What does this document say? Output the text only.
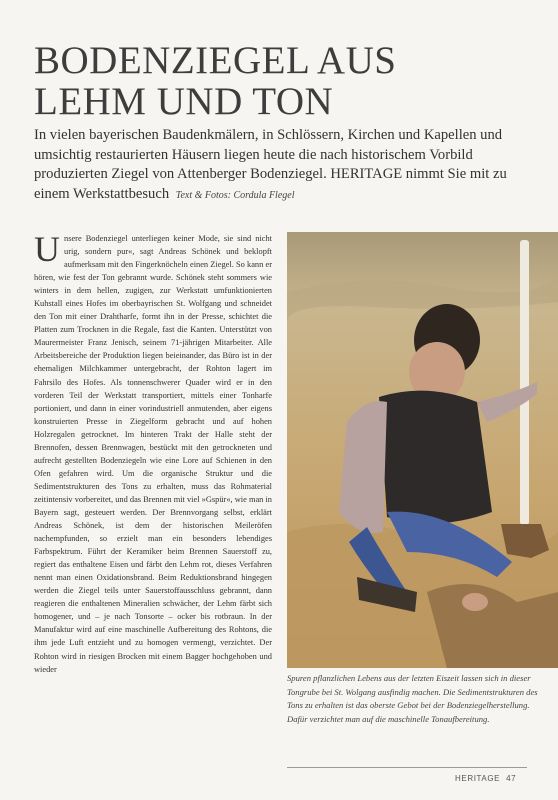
BODENZIEGEL AUS
LEHM UND TON
In vielen bayerischen Baudenkmälern, in Schlössern, Kirchen und Kapellen und umsichtig restaurierten Häusern liegen heute die nach historischem Vorbild produzierten Ziegel von Attenberger Bodenziegel. HERITAGE nimmt Sie mit zu einem Werkstattbesuch Text & Fotos: Cordula Flegel
Unsere Bodenziegel unterliegen keiner Mode, sie sind nicht urig, sondern pur«, sagt Andreas Schönek und beklopft aufmerksam mit den Fingerknöcheln einen Ziegel. So kann er hören, wie fest der Ton gebrannt wurde. Schönek steht sommers wie winters in dem hellen, zugigen, zur Werkstatt umfunktionierten Kuhstall eines Hofes im oberbayrischen St. Wolfgang und schneidet den Ton mit einer Drahtharfe, formt ihn in der Presse, schichtet die Platten zum Trocknen in die Regale, fast die Kanten. Unterstützt von Maurermeister Franz Jenisch, seinem 71-jährigen Mitarbeiter. Alle Arbeitsbereiche der Produktion liegen beieinander, das Büro ist in der ehemaligen Milchkammer untergebracht, der Rohton lagert im Fahrsilo des Hofes. Als tonnenschwerer Quader wird er in den vorderen Teil der Werkstatt transportiert, mittels einer Tonharfe portioniert, und dann in einer vorindustriell anmutenden, aber eigens konstruierten Presse in Ziegelform gebracht und auf hohen Holzregalen getrocknet. Im hinteren Trakt der Halle steht der Brennofen, dessen Brennwagen, bestückt mit den getrockneten und aufrecht gestellten Bodenziegeln wie eine Lore auf Schienen in den Ofen gefahren wird. Um die organische Struktur und die Sedimentstrukturen des Tons zu erhalten, muss das Rohmaterial zeitintensiv vorbereitet, und das Brennen mit viel »Gspür«, wie man in Bayern sagt, gesteuert werden. Der Brennvorgang selbst, erklärt Andreas Schönek, ist dem der historischen Meileröfen nachempfunden, so erzielt man ein besonders lebendiges Farbspektrum. Führt der Keramiker beim Brennen Sauerstoff zu, regiert das enthaltene Eisen und färbt den Lehm rot, dieses Verfahren nennt man einen Oxidationsbrand. Beim Reduktionsbrand hingegen werden die Ziegel teils unter Sauerstoffausschluss gebrannt, dann reagieren die enthaltenen Mineralien schwächer, der Lehm färbt sich homogener, und – je nach Tonsorte – ocker bis rotbraun. In der Manufaktur wird auf eine maschinelle Aufbereitung des Rohtons, die ihm jede Luft entzieht und zu homogen vermengt, verzichtet. Der Rohton wird in riesigen Brocken mit einem Bagger hochgehoben und wieder
Spuren pflanzlichen Lebens aus der letzten Eiszeit lassen sich in dieser Tongrube bei St. Wolgang ausfindig machen. Die Sedimentstrukturen des Tons zu erhalten ist das oberste Gebot bei der Bodenziegelherstellung. Dafür verzichtet man auf die maschinelle Tonaufbereitung.
HERITAGE 47
